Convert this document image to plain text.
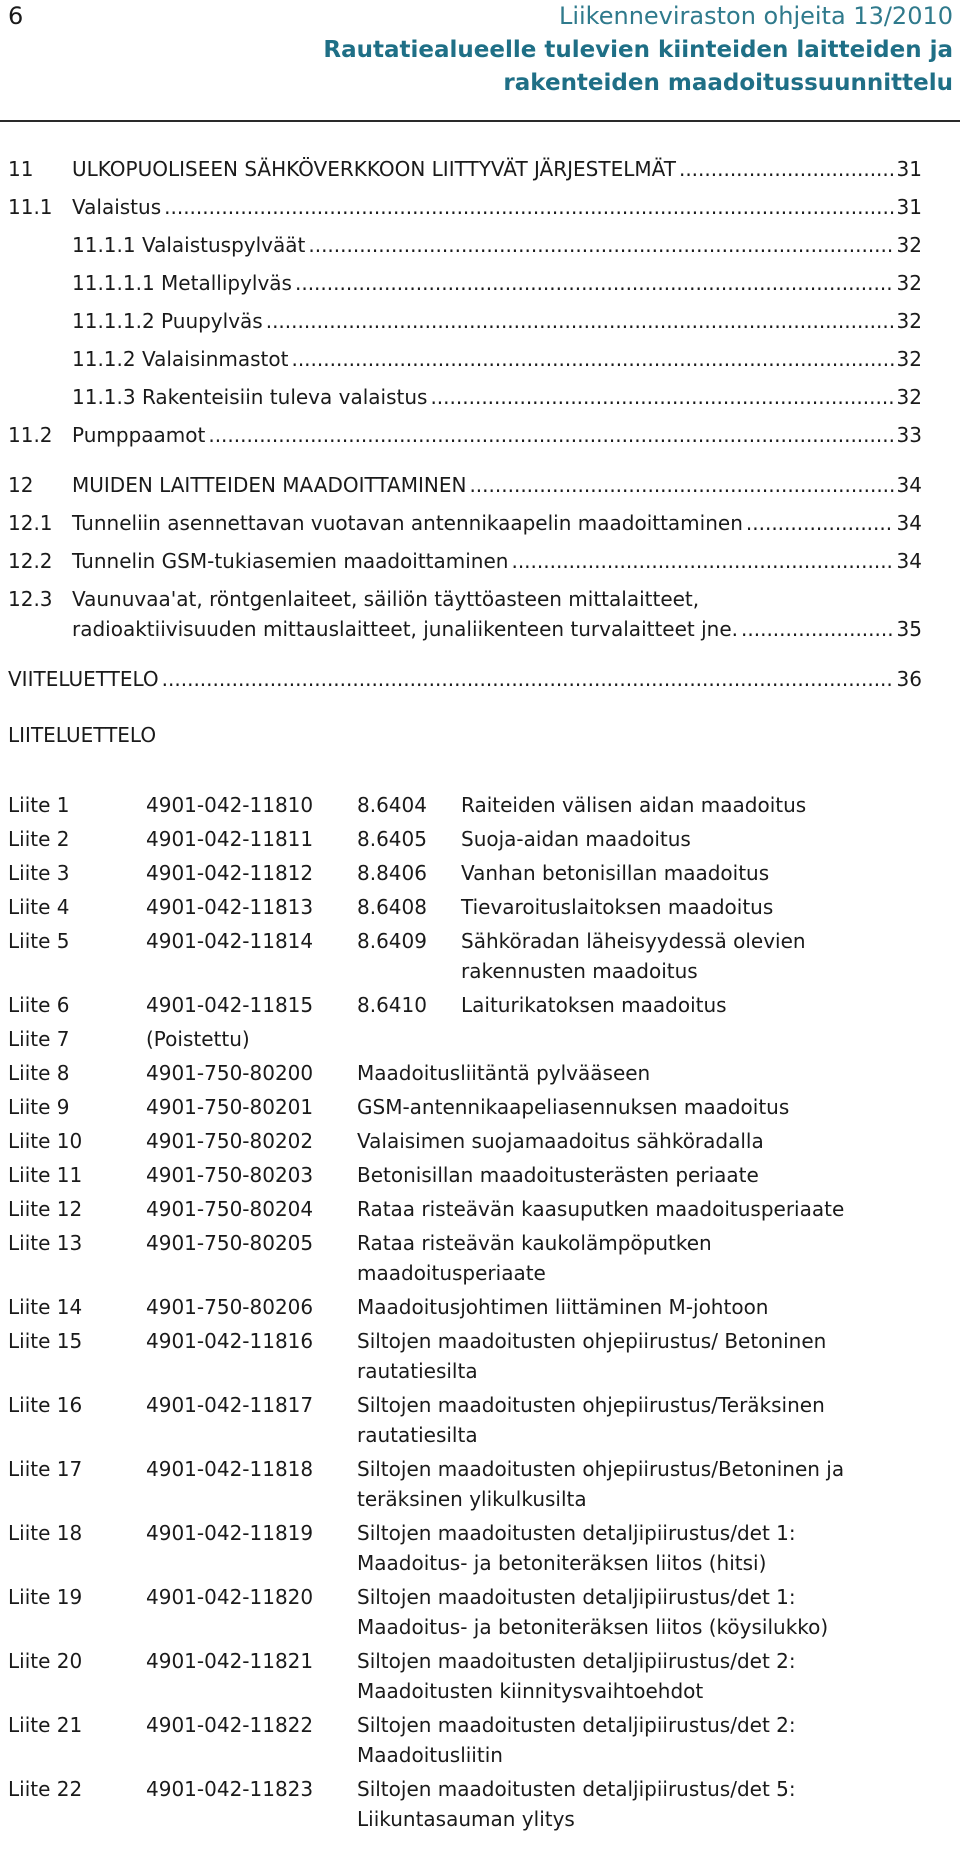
6	Liikenneviraston ohjeita 13/2010
Rautatiealueelle tulevien kiinteiden laitteiden ja
rakenteiden maadoitussuunnittelu
11	ULKOPUOLISEEN SÄHKÖVERKKOON LIITTYVÄT JÄRJESTELMÄT .....	31
11.1 Valaistus .....	31
11.1.1 Valaistuspylväät .....	32
11.1.1.1 Metallipylväs .....	32
11.1.1.2 Puupylväs .....	32
11.1.2 Valaisinmastot .....	32
11.1.3 Rakenteisiin tuleva valaistus .....	32
11.2 Pumppaamot .....	33
12	MUIDEN LAITTEIDEN MAADOITTAMINEN .....	34
12.1 Tunneliin asennettavan vuotavan antennikaapelin maadoittaminen .....	34
12.2 Tunnelin GSM-tukiasemien maadoittaminen .....	34
12.3 Vaunuvaa'at, röntgenlaiteet, säiliön täyttöasteen mittalaitteet,
radioaktiivisuuden mittauslaitteet, junaliikenteen turvalaitteet jne. .....	35
VIITELUETTELO .....	36
LIITELUETTELO
Liite 1	4901-042-11810 8.6404 Raiteiden välisen aidan maadoitus
Liite 2	4901-042-11811 8.6405 Suoja-aidan maadoitus
Liite 3	4901-042-11812 8.8406 Vanhan betonisillan maadoitus
Liite 4	4901-042-11813 8.6408 Tievaroituslaitoksen maadoitus
Liite 5	4901-042-11814 8.6409 Sähköradan läheisyydessä olevien
rakennusten maadoitus
Liite 6	4901-042-11815 8.6410 Laiturikatoksen maadoitus
Liite 7	(Poistettu)
Liite 8	4901-750-80200 Maadoitusliitäntä pylvääseen
Liite 9	4901-750-80201 GSM-antennikaapeliasennuksen maadoitus
Liite 10	4901-750-80202 Valaisimen suojamaadoitus sähköradalla
Liite 11	4901-750-80203 Betonisillan maadoitusterästen periaate
Liite 12	4901-750-80204 Rataa risteävän kaasuputken maadoitusperiaate
Liite 13	4901-750-80205 Rataa risteävän kaukolämpöputken
maadoitusperiaate
Liite 14	4901-750-80206 Maadoitusjohtimen liittäminen M-johtoon
Liite 15	4901-042-11816 Siltojen maadoitusten ohjepiirustus/ Betoninen
rautatiesilta
Liite 16	4901-042-11817 Siltojen maadoitusten ohjepiirustus/Teräksinen
rautatiesilta
Liite 17	4901-042-11818 Siltojen maadoitusten ohjepiirustus/Betoninen ja
teräksinen ylikulkusilta
Liite 18	4901-042-11819 Siltojen maadoitusten detaljipiirustus/det 1:
Maadoitus- ja betoniteräksen liitos (hitsi)
Liite 19	4901-042-11820 Siltojen maadoitusten detaljipiirustus/det 1:
Maadoitus- ja betoniteräksen liitos (köysilukko)
Liite 20	4901-042-11821 Siltojen maadoitusten detaljipiirustus/det 2:
Maadoitusten kiinnitysvaihtoehdot
Liite 21	4901-042-11822 Siltojen maadoitusten detaljipiirustus/det 2:
Maadoitusliitin
Liite 22	4901-042-11823 Siltojen maadoitusten detaljipiirustus/det 5:
Liikuntasauman ylitys
